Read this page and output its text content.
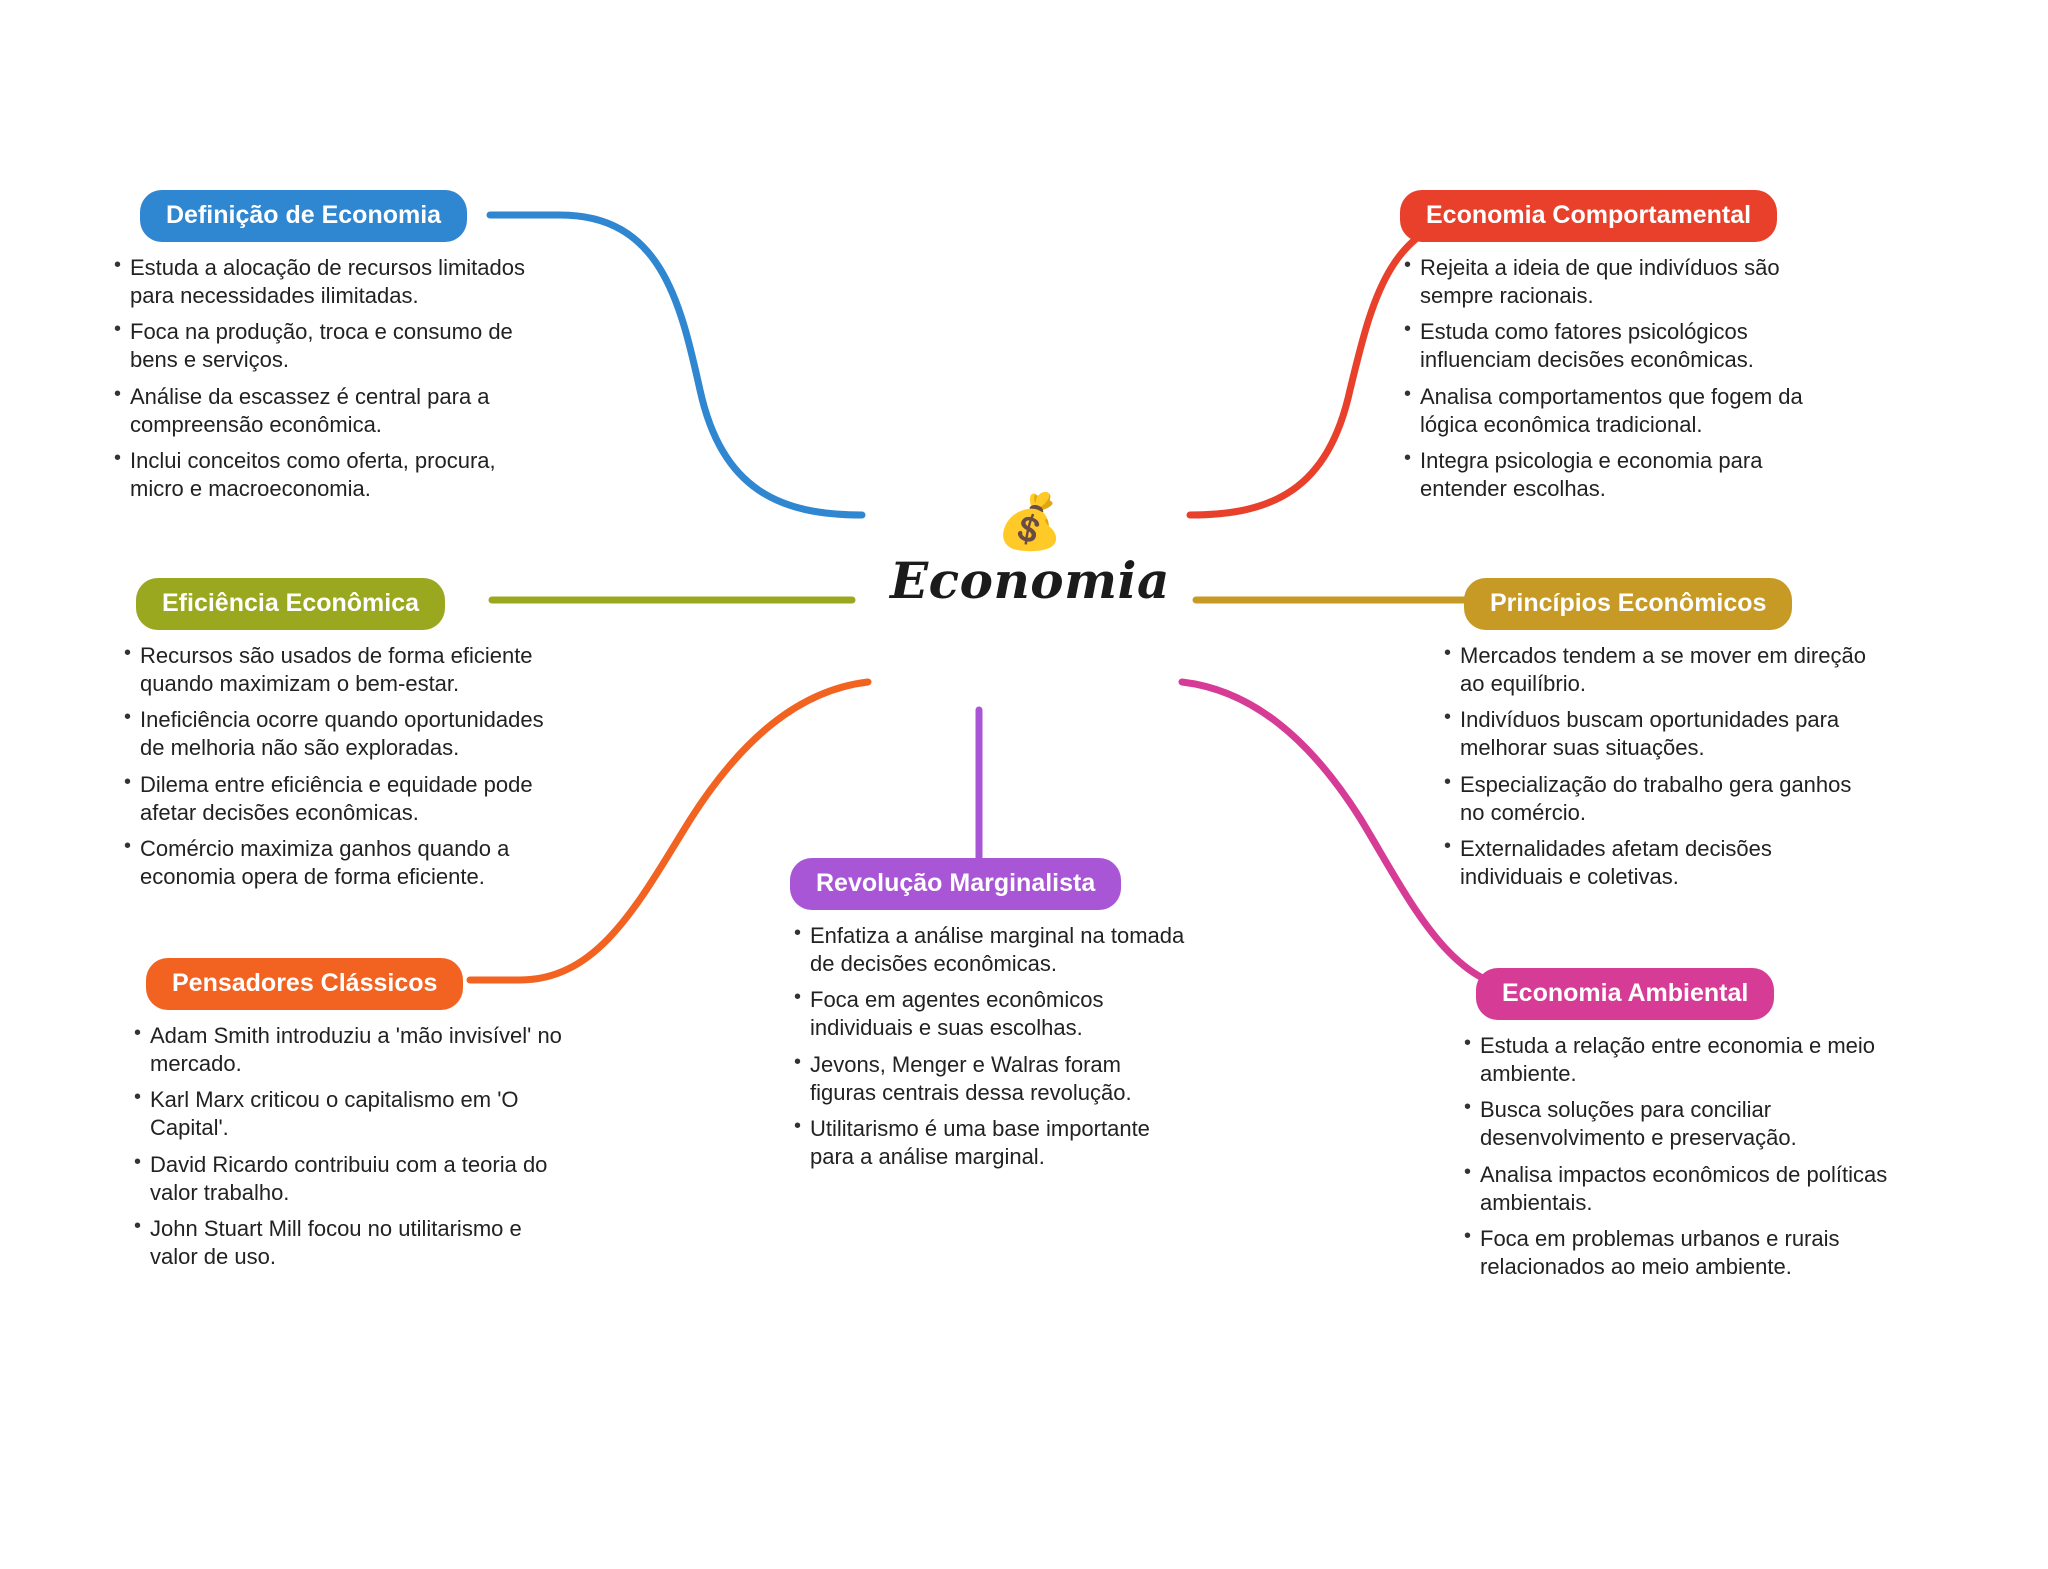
💰
Economia
Definição de Economia
• Estuda a alocação de recursos limitados para necessidades ilimitadas.
• Foca na produção, troca e consumo de bens e serviços.
• Análise da escassez é central para a compreensão econômica.
• Inclui conceitos como oferta, procura, micro e macroeconomia.
Economia Comportamental
• Rejeita a ideia de que indivíduos são sempre racionais.
• Estuda como fatores psicológicos influenciam decisões econômicas.
• Analisa comportamentos que fogem da lógica econômica tradicional.
• Integra psicologia e economia para entender escolhas.
Eficiência Econômica
• Recursos são usados de forma eficiente quando maximizam o bem-estar.
• Ineficiência ocorre quando oportunidades de melhoria não são exploradas.
• Dilema entre eficiência e equidade pode afetar decisões econômicas.
• Comércio maximiza ganhos quando a economia opera de forma eficiente.
Princípios Econômicos
• Mercados tendem a se mover em direção ao equilíbrio.
• Indivíduos buscam oportunidades para melhorar suas situações.
• Especialização do trabalho gera ganhos no comércio.
• Externalidades afetam decisões individuais e coletivas.
Pensadores Clássicos
• Adam Smith introduziu a 'mão invisível' no mercado.
• Karl Marx criticou o capitalismo em 'O Capital'.
• David Ricardo contribuiu com a teoria do valor trabalho.
• John Stuart Mill focou no utilitarismo e valor de uso.
Revolução Marginalista
• Enfatiza a análise marginal na tomada de decisões econômicas.
• Foca em agentes econômicos individuais e suas escolhas.
• Jevons, Menger e Walras foram figuras centrais dessa revolução.
• Utilitarismo é uma base importante para a análise marginal.
Economia Ambiental
• Estuda a relação entre economia e meio ambiente.
• Busca soluções para conciliar desenvolvimento e preservação.
• Analisa impactos econômicos de políticas ambientais.
• Foca em problemas urbanos e rurais relacionados ao meio ambiente.
